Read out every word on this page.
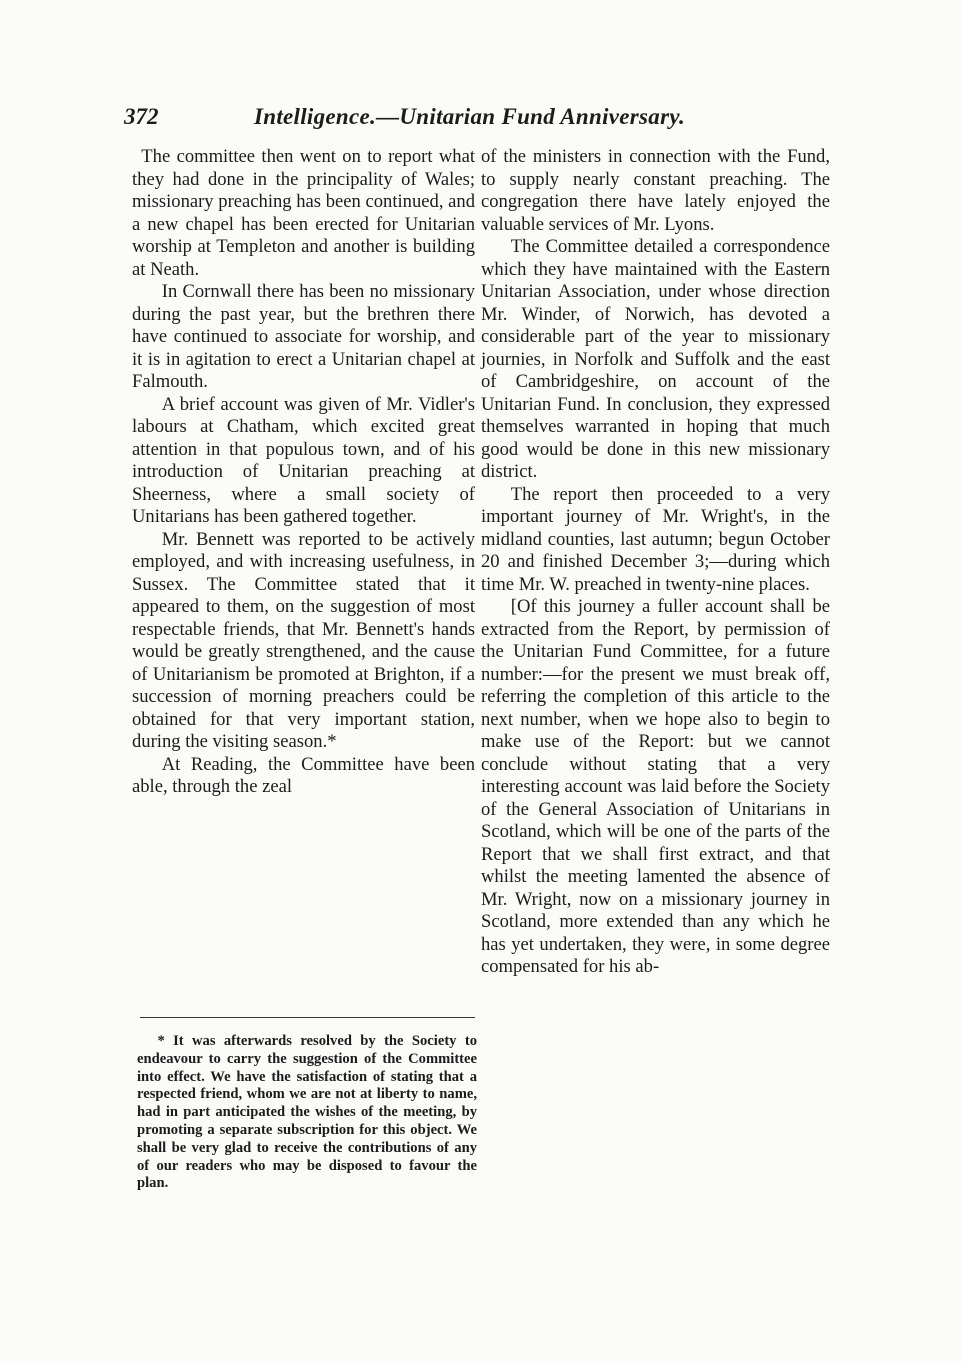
372	Intelligence.—Unitarian Fund Anniversary.

The committee then went on to report what they had done in the principality of Wales; missionary preaching has been continued, and a new chapel has been erected for Unitarian worship at Templeton and another is building at Neath.

In Cornwall there has been no missionary during the past year, but the brethren there have continued to associate for worship, and it is in agitation to erect a Unitarian chapel at Falmouth.

A brief account was given of Mr. Vidler's labours at Chatham, which excited great attention in that populous town, and of his introduction of Unitarian preaching at Sheerness, where a small society of Unitarians has been gathered together.

Mr. Bennett was reported to be actively employed, and with increasing usefulness, in Sussex. The Committee stated that it appeared to them, on the suggestion of most respectable friends, that Mr. Bennett's hands would be greatly strengthened, and the cause of Unitarianism be promoted at Brighton, if a succession of morning preachers could be obtained for that very important station, during the visiting season.*

At Reading, the Committee have been able, through the zeal

* It was afterwards resolved by the Society to endeavour to carry the suggestion of the Committee into effect. We have the satisfaction of stating that a respected friend, whom we are not at liberty to name, had in part anticipated the wishes of the meeting, by promoting a separate subscription for this object. We shall be very glad to receive the contributions of any of our readers who may be disposed to favour the plan.

of the ministers in connection with the Fund, to supply nearly constant preaching. The congregation there have lately enjoyed the valuable services of Mr. Lyons.

The Committee detailed a correspondence which they have maintained with the Eastern Unitarian Association, under whose direction Mr. Winder, of Norwich, has devoted a considerable part of the year to missionary journies, in Norfolk and Suffolk and the east of Cambridgeshire, on account of the Unitarian Fund. In conclusion, they expressed themselves warranted in hoping that much good would be done in this new missionary district.

The report then proceeded to a very important journey of Mr. Wright's, in the midland counties, last autumn; begun October 20 and finished December 3;—during which time Mr. W. preached in twenty-nine places.

[Of this journey a fuller account shall be extracted from the Report, by permission of the Unitarian Fund Committee, for a future number:—for the present we must break off, referring the completion of this article to the next number, when we hope also to begin to make use of the Report: but we cannot conclude without stating that a very interesting account was laid before the Society of the General Association of Unitarians in Scotland, which will be one of the parts of the Report that we shall first extract, and that whilst the meeting lamented the absence of Mr. Wright, now on a missionary journey in Scotland, more extended than any which he has yet undertaken, they were, in some degree compensated for his ab-
